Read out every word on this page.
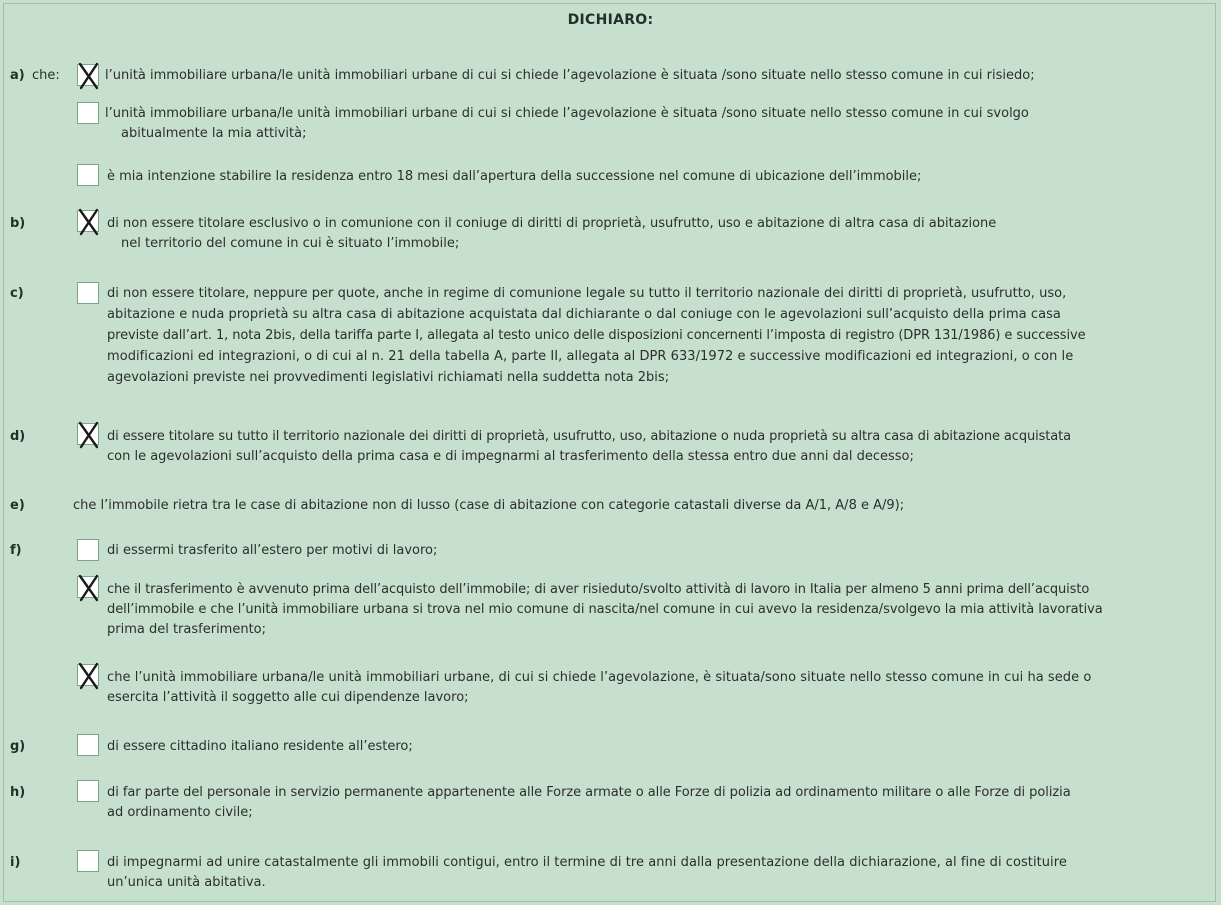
DICHIARO:
a) che:	l’unità immobiliare urbana/le unità immobiliari urbane di cui si chiede l’agevolazione è situata /sono situate nello stesso comune in cui risiedo;
l’unità immobiliare urbana/le unità immobiliari urbane di cui si chiede l’agevolazione è situata /sono situate nello stesso comune in cui svolgo
abitualmente la mia attività;
è mia intenzione stabilire la residenza entro 18 mesi dall’apertura della successione nel comune di ubicazione dell’immobile;
b)	di non essere titolare esclusivo o in comunione con il coniuge di diritti di proprietà, usufrutto, uso e abitazione di altra casa di abitazione
nel territorio del comune in cui è situato l’immobile;
c)	di non essere titolare, neppure per quote, anche in regime di comunione legale su tutto il territorio nazionale dei diritti di proprietà, usufrutto, uso,
abitazione e nuda proprietà su altra casa di abitazione acquistata dal dichiarante o dal coniuge con le agevolazioni sull’acquisto della prima casa
previste dall’art. 1, nota 2bis, della tariffa parte I, allegata al testo unico delle disposizioni concernenti l’imposta di registro (DPR 131/1986) e successive
modificazioni ed integrazioni, o di cui al n. 21 della tabella A, parte II, allegata al DPR 633/1972 e successive modificazioni ed integrazioni, o con le
agevolazioni previste nei provvedimenti legislativi richiamati nella suddetta nota 2bis;
d)	di essere titolare su tutto il territorio nazionale dei diritti di proprietà, usufrutto, uso, abitazione o nuda proprietà su altra casa di abitazione acquistata
con le agevolazioni sull’acquisto della prima casa e di impegnarmi al trasferimento della stessa entro due anni dal decesso;
e)	che l’immobile rietra tra le case di abitazione non di lusso (case di abitazione con categorie catastali diverse da A/1, A/8 e A/9);
f)	di essermi trasferito all’estero per motivi di lavoro;
che il trasferimento è avvenuto prima dell’acquisto dell’immobile; di aver risieduto/svolto attività di lavoro in Italia per almeno 5 anni prima dell’acquisto
dell’immobile e che l’unità immobiliare urbana si trova nel mio comune di nascita/nel comune in cui avevo la residenza/svolgevo la mia attività lavorativa
prima del trasferimento;
che l’unità immobiliare urbana/le unità immobiliari urbane, di cui si chiede l’agevolazione, è situata/sono situate nello stesso comune in cui ha sede o
esercita l’attività il soggetto alle cui dipendenze lavoro;
g)	di essere cittadino italiano residente all’estero;
h)	di far parte del personale in servizio permanente appartenente alle Forze armate o alle Forze di polizia ad ordinamento militare o alle Forze di polizia
ad ordinamento civile;
i)	di impegnarmi ad unire catastalmente gli immobili contigui, entro il termine di tre anni dalla presentazione della dichiarazione, al fine di costituire
un’unica unità abitativa.
